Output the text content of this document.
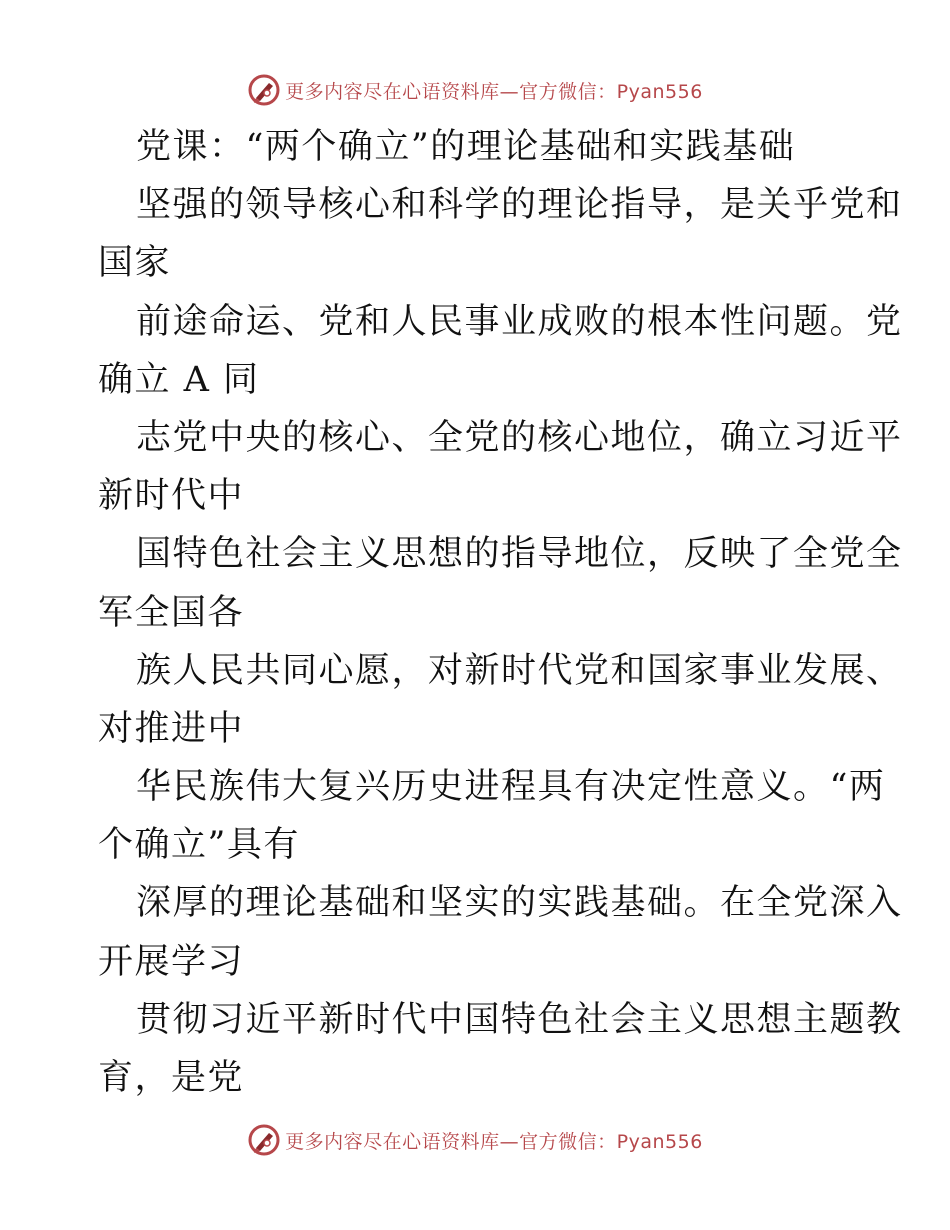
更多内容尽在心语资料库—官方微信：Pyan556
党课：“两个确立”的理论基础和实践基础
坚强的领导核心和科学的理论指导，是关乎党和
国家
前途命运、党和人民事业成败的根本性问题。党
确立 A 同
志党中央的核心、全党的核心地位，确立习近平
新时代中
国特色社会主义思想的指导地位，反映了全党全
军全国各
族人民共同心愿，对新时代党和国家事业发展、
对推进中
华民族伟大复兴历史进程具有决定性意义。“两
个确立”具有
深厚的理论基础和坚实的实践基础。在全党深入
开展学习
贯彻习近平新时代中国特色社会主义思想主题教
育，是党
更多内容尽在心语资料库—官方微信：Pyan556
